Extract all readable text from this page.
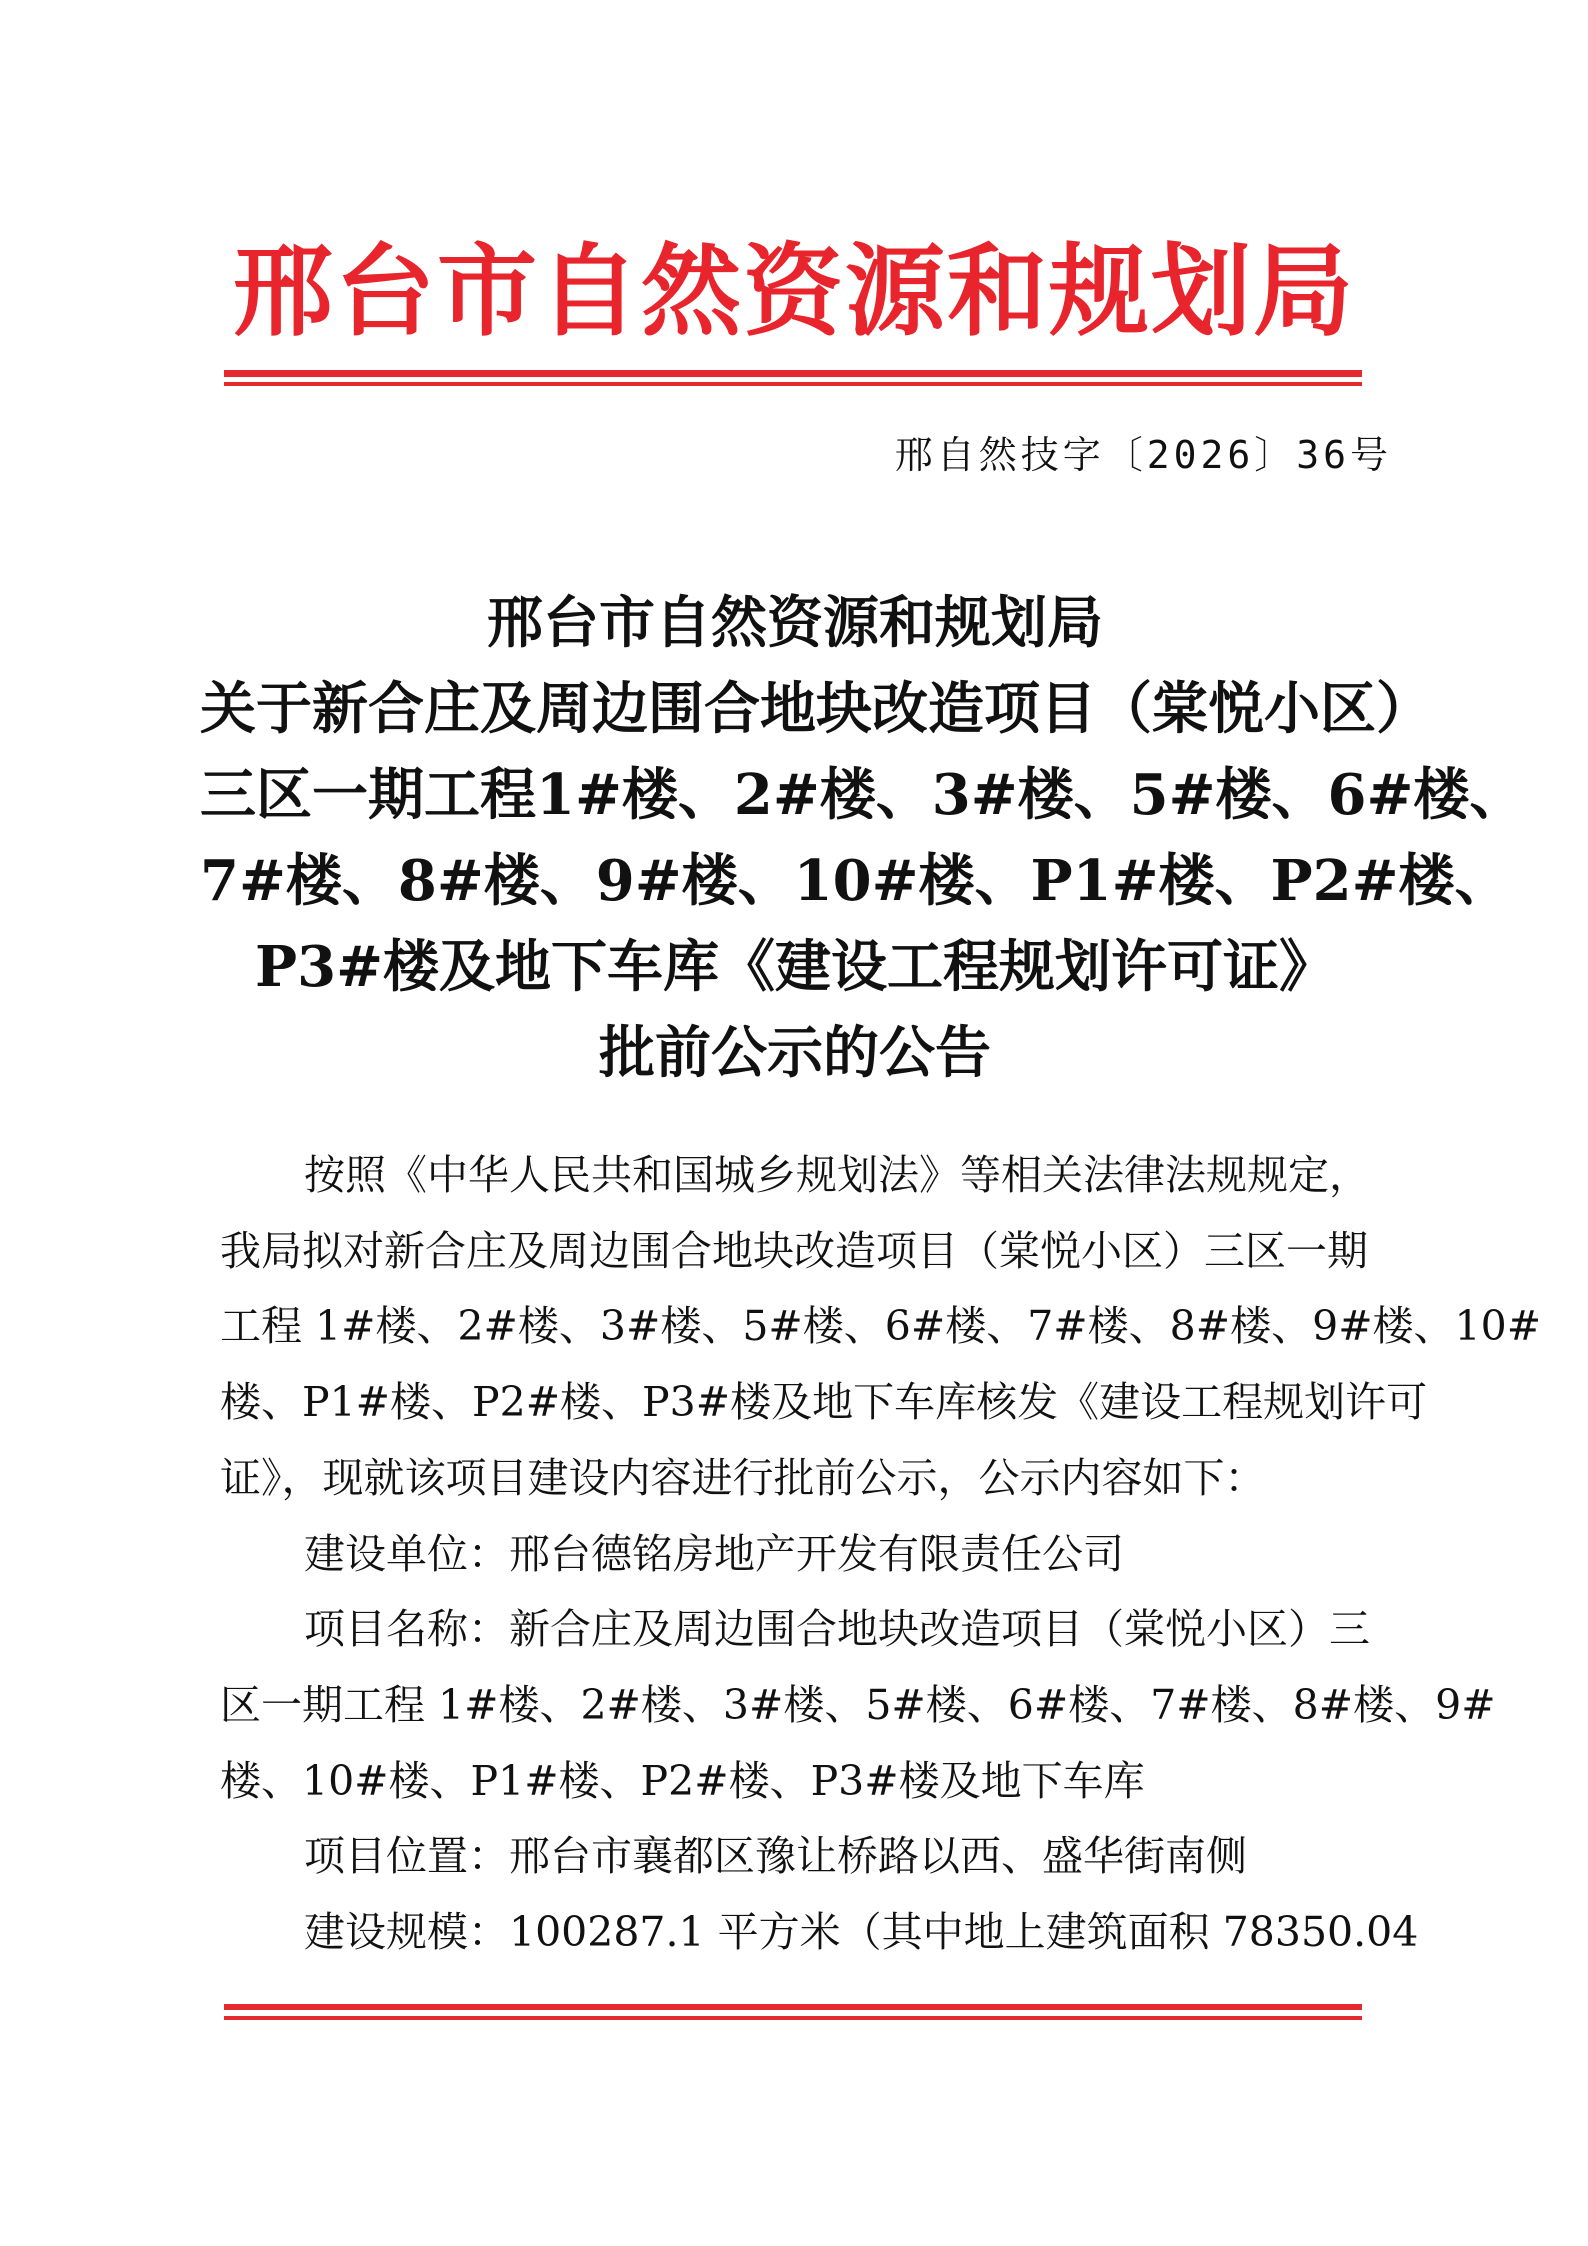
邢台市自然资源和规划局
邢自然技字〔2026〕36号
邢台市自然资源和规划局
关于新合庄及周边围合地块改造项目（棠悦小区）
三区一期工程1#楼、2#楼、3#楼、5#楼、6#楼、
7#楼、8#楼、9#楼、10#楼、P1#楼、P2#楼、
P3#楼及地下车库《建设工程规划许可证》
批前公示的公告
按照《中华人民共和国城乡规划法》等相关法律法规规定，
我局拟对新合庄及周边围合地块改造项目（棠悦小区）三区一期
工程 1#楼、2#楼、3#楼、5#楼、6#楼、7#楼、8#楼、9#楼、10#
楼、P1#楼、P2#楼、P3#楼及地下车库核发《建设工程规划许可
证》，现就该项目建设内容进行批前公示，公示内容如下：
建设单位：邢台德铭房地产开发有限责任公司
项目名称：新合庄及周边围合地块改造项目（棠悦小区）三
区一期工程 1#楼、2#楼、3#楼、5#楼、6#楼、7#楼、8#楼、9#
楼、10#楼、P1#楼、P2#楼、P3#楼及地下车库
项目位置：邢台市襄都区豫让桥路以西、盛华街南侧
建设规模：100287.1 平方米（其中地上建筑面积 78350.04
